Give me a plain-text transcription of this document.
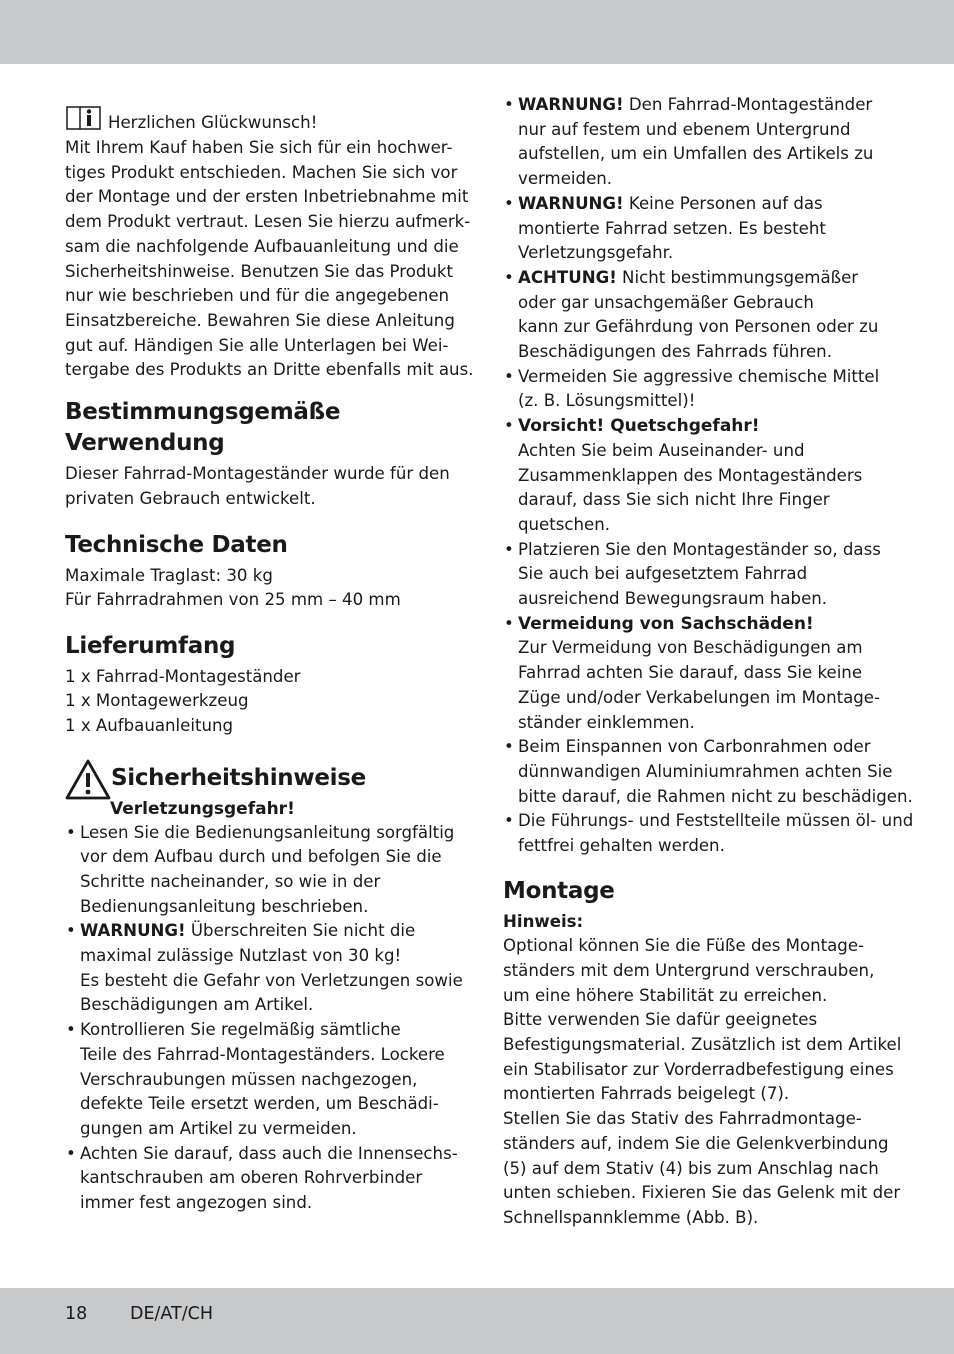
Herzlichen Glückwunsch!

Mit Ihrem Kauf haben Sie sich für ein hochwer-

tiges Produkt entschieden. Machen Sie sich vor

der Montage und der ersten Inbetriebnahme mit

dem Produkt vertraut. Lesen Sie hierzu aufmerk-

sam die nachfolgende Aufbauanleitung und die

Sicherheitshinweise. Benutzen Sie das Produkt

nur wie beschrieben und für die angegebenen

Einsatzbereiche. Bewahren Sie diese Anleitung

gut auf. Händigen Sie alle Unterlagen bei Wei-

tergabe des Produkts an Dritte ebenfalls mit aus.

Bestimmungsgemäße

Verwendung

Dieser Fahrrad-Montageständer wurde für den

privaten Gebrauch entwickelt.

Technische Daten

Maximale Traglast: 30 kg

Für Fahrradrahmen von 25 mm – 40 mm

Lieferumfang

1 x Fahrrad-Montageständer

1 x Montagewerkzeug

1 x Aufbauanleitung

Sicherheitshinweise

Verletzungsgefahr!

• Lesen Sie die Bedienungsanleitung sorgfältig

vor dem Aufbau durch und befolgen Sie die

Schritte nacheinander, so wie in der

Bedienungsanleitung beschrieben.

• WARNUNG! Überschreiten Sie nicht die

maximal zulässige Nutzlast von 30 kg!

Es besteht die Gefahr von Verletzungen sowie

Beschädigungen am Artikel.

• Kontrollieren Sie regelmäßig sämtliche

Teile des Fahrrad-Montageständers. Lockere

Verschraubungen müssen nachgezogen,

defekte Teile ersetzt werden, um Beschädi-

gungen am Artikel zu vermeiden.

• Achten Sie darauf, dass auch die Innensechs-

kantschrauben am oberen Rohrverbinder

immer fest angezogen sind.

• WARNUNG! Den Fahrrad-Montageständer

nur auf festem und ebenem Untergrund

aufstellen, um ein Umfallen des Artikels zu

vermeiden.

• WARNUNG! Keine Personen auf das

montierte Fahrrad setzen. Es besteht

Verletzungsgefahr.

• ACHTUNG! Nicht bestimmungsgemäßer

oder gar unsachgemäßer Gebrauch

kann zur Gefährdung von Personen oder zu

Beschädigungen des Fahrrads führen.

• Vermeiden Sie aggressive chemische Mittel

(z. B. Lösungsmittel)!

• Vorsicht! Quetschgefahr!

Achten Sie beim Auseinander- und

Zusammenklappen des Montageständers

darauf, dass Sie sich nicht Ihre Finger

quetschen.

• Platzieren Sie den Montageständer so, dass

Sie auch bei aufgesetztem Fahrrad

ausreichend Bewegungsraum haben.

• Vermeidung von Sachschäden!

Zur Vermeidung von Beschädigungen am

Fahrrad achten Sie darauf, dass Sie keine

Züge und/oder Verkabelungen im Montage-

ständer einklemmen.

• Beim Einspannen von Carbonrahmen oder

dünnwandigen Aluminiumrahmen achten Sie

bitte darauf, die Rahmen nicht zu beschädigen.

• Die Führungs- und Feststellteile müssen öl- und

fettfrei gehalten werden.

Montage

Hinweis:

Optional können Sie die Füße des Montage-

ständers mit dem Untergrund verschrauben,

um eine höhere Stabilität zu erreichen.

Bitte verwenden Sie dafür geeignetes

Befestigungsmaterial. Zusätzlich ist dem Artikel

ein Stabilisator zur Vorderradbefestigung eines

montierten Fahrrads beigelegt (7).

Stellen Sie das Stativ des Fahrradmontage-

ständers auf, indem Sie die Gelenkverbindung

(5) auf dem Stativ (4) bis zum Anschlag nach

unten schieben. Fixieren Sie das Gelenk mit der

Schnellspannklemme (Abb. B).

18 DE/AT/CH
